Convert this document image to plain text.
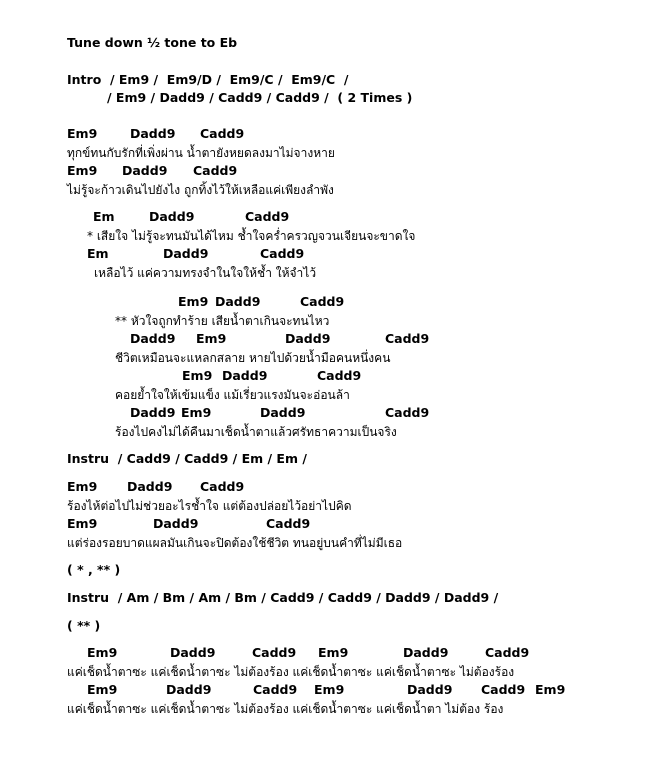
Tune down ½ tone to Eb
Intro  / Em9 /  Em9/D /  Em9/C /  Em9/C  /
/ Em9 / Dadd9 / Cadd9 / Cadd9 /  ( 2 Times )
Em9	Dadd9 Cadd9
ทุกข์ทนกับรักที่เพิ่งผ่าน น้ำตายังหยดลงมาไม่จางหาย
Em9 Dadd9 Cadd9
ไม่รู้จะก้าวเดินไปยังไง ถูกทิ้งไว้ให้เหลือแค่เพียงลำพัง
Em	Dadd9	Cadd9
* เสียใจ ไม่รู้จะทนมันได้ไหม ช้ำใจคร่ำครวญจวนเจียนจะขาดใจ
Em	Dadd9	Cadd9
เหลือไว้ แค่ความทรงจำในใจให้ช้ำ ให้จำไว้
Em9 Dadd9	Cadd9
** หัวใจถูกทำร้าย เสียน้ำตาเกินจะทนไหว
Dadd9 Em9	Dadd9	Cadd9
ชีวิตเหมือนจะแหลกสลาย หายไปด้วยน้ำมือคนหนึ่งคน
Em9 Dadd9	Cadd9
คอยย้ำใจให้เข้มแข็ง แม้เรี่ยวแรงมันจะอ่อนล้า
Dadd9 Em9	Dadd9	Cadd9
ร้องไปคงไม่ได้คืนมาเช็ดน้ำตาแล้วศรัทธาความเป็นจริง
Instru  / Cadd9 / Cadd9 / Em / Em /
Em9 Dadd9 Cadd9
ร้องไห้ต่อไปไม่ช่วยอะไรช้ำใจ แต่ต้องปล่อยไว้อย่าไปคิด
Em9	Dadd9	Cadd9
แต่ร่องรอยบาดแผลมันเกินจะปิดต้องใช้ชีวิต ทนอยู่บนคำที่ไม่มีเธอ
( * , ** )
Instru  / Am / Bm / Am / Bm / Cadd9 / Cadd9 / Dadd9 / Dadd9 /
( ** )
Em9	Dadd9	Cadd9 Em9	Dadd9	Cadd9
แค่เช็ดน้ำตาซะ แค่เช็ดน้ำตาซะ ไม่ต้องร้อง แค่เช็ดน้ำตาซะ แค่เช็ดน้ำตาซะ ไม่ต้องร้อง
Em9	Dadd9	Cadd9 Em9	Dadd9 Cadd9 Em9
แค่เช็ดน้ำตาซะ แค่เช็ดน้ำตาซะ ไม่ต้องร้อง แค่เช็ดน้ำตาซะ แค่เช็ดน้ำตา ไม่ต้อง ร้อง
